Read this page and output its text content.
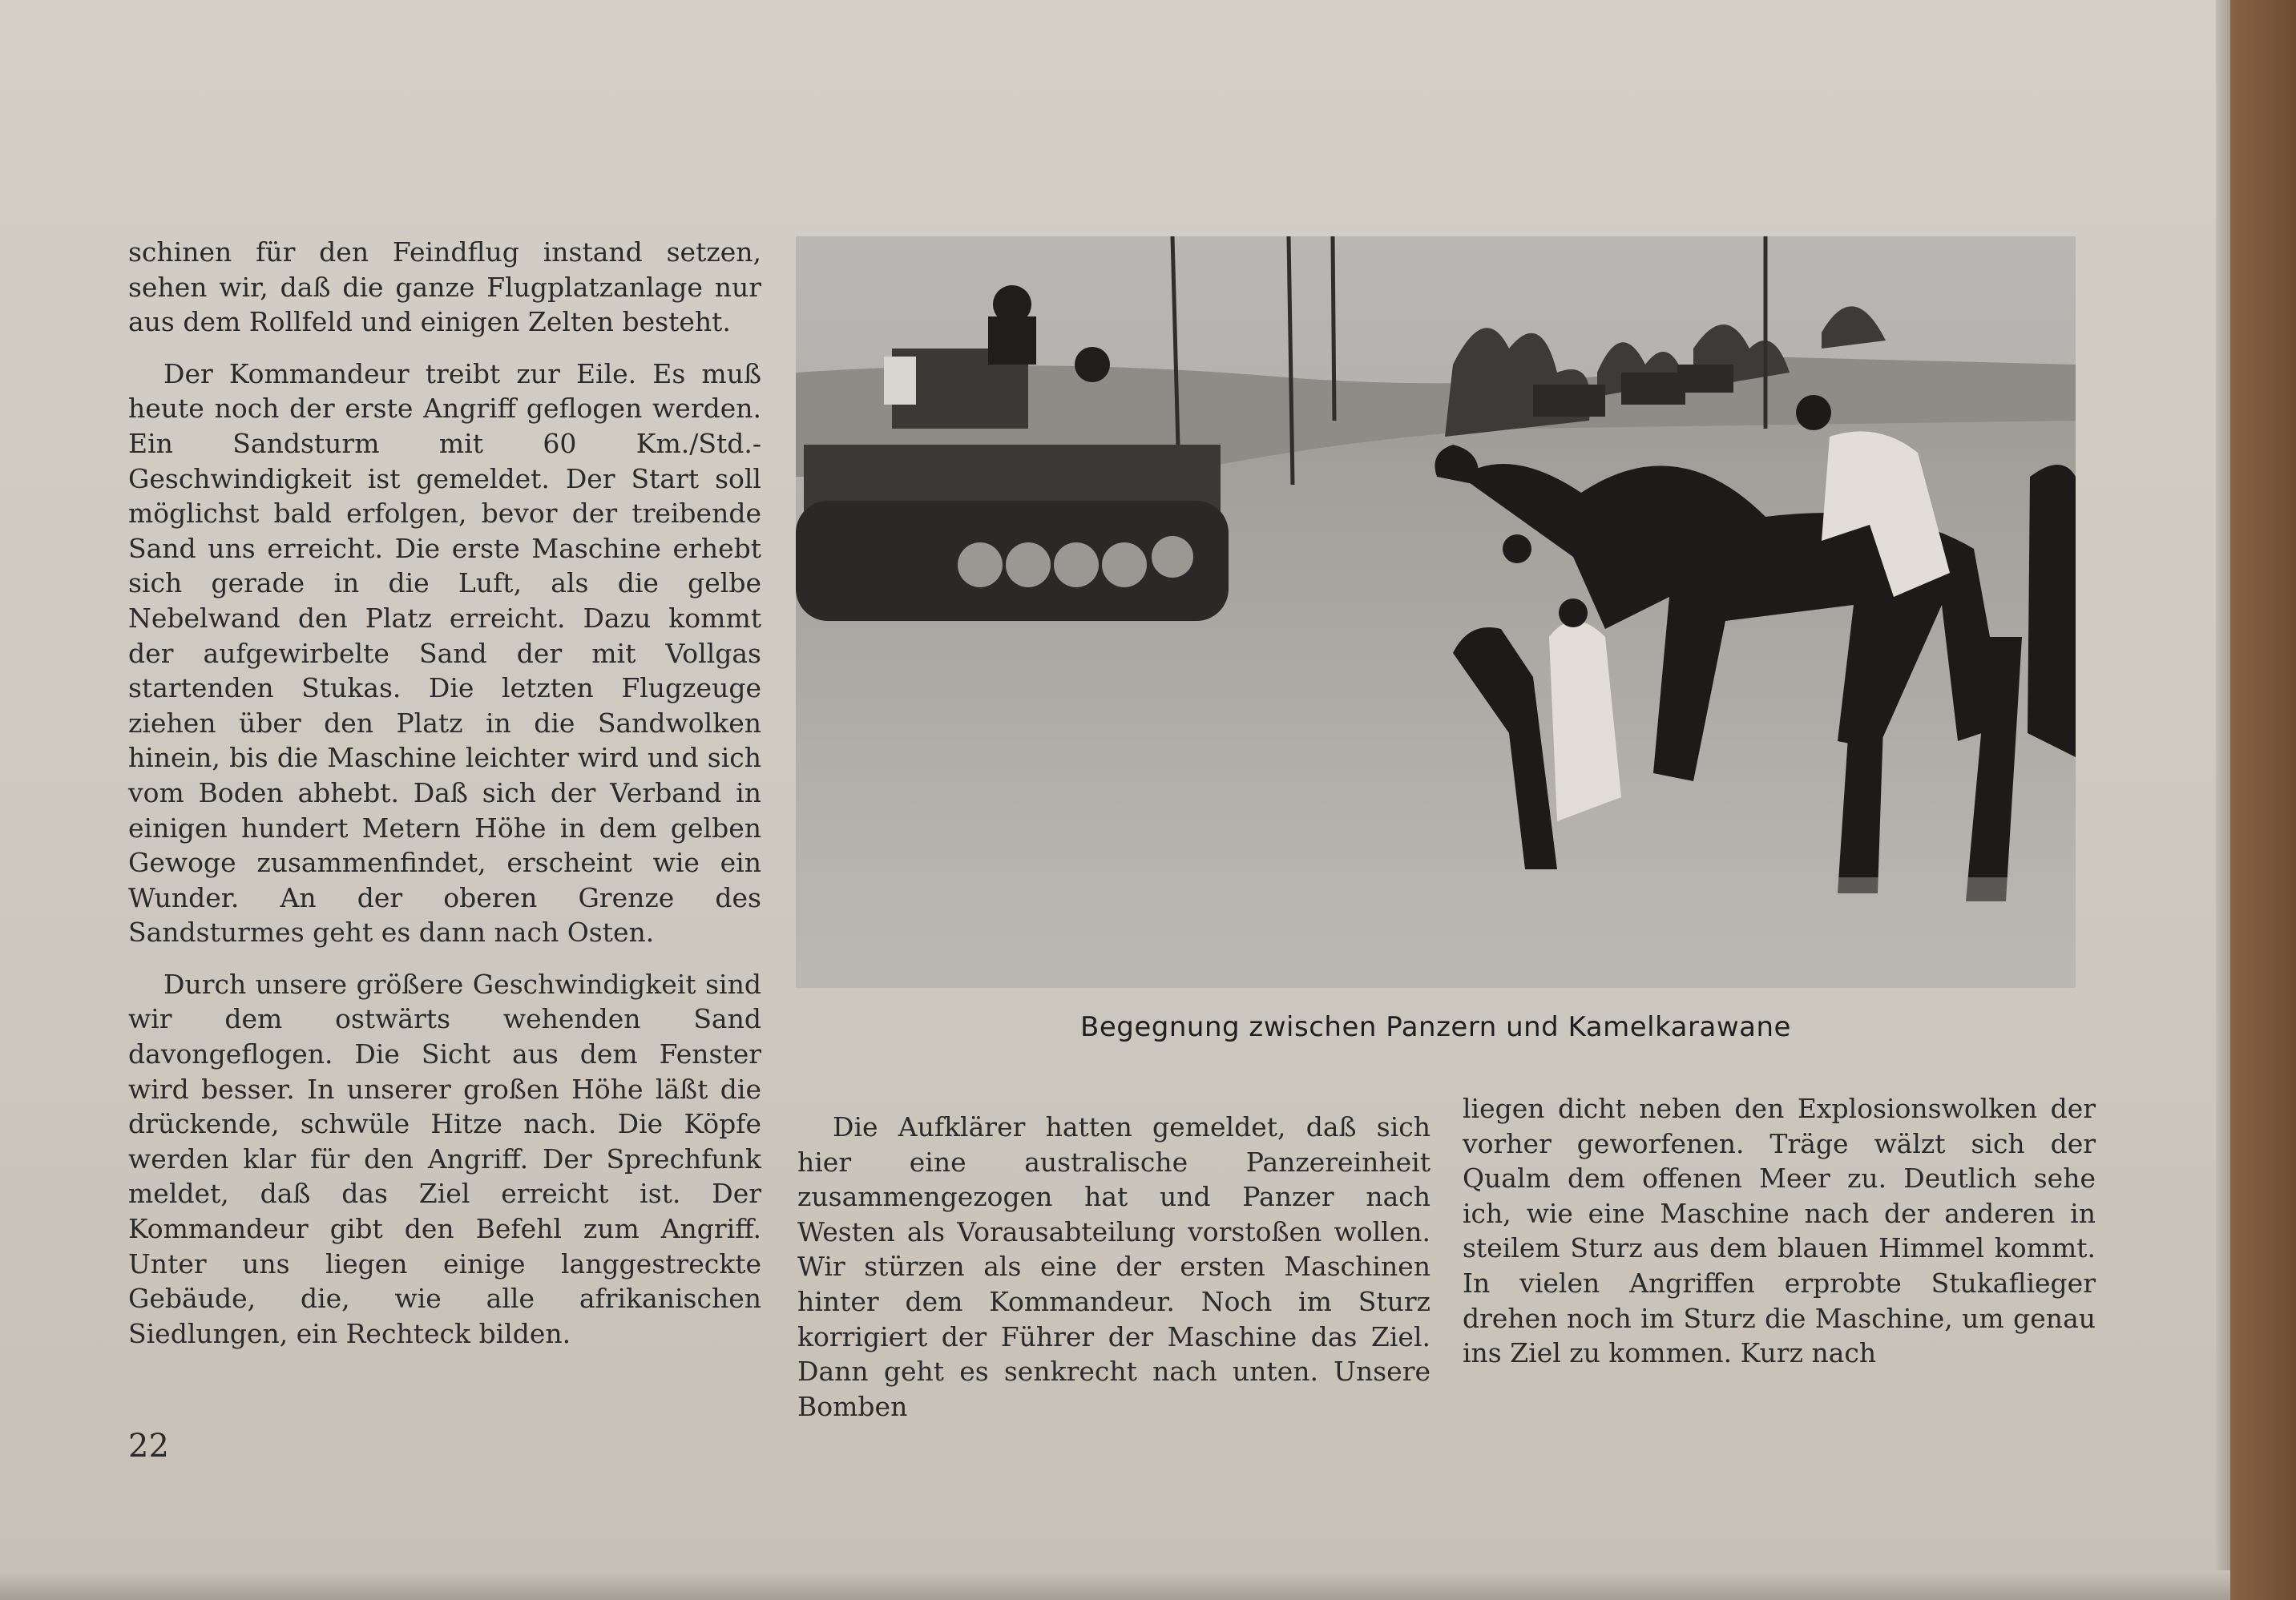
schinen für den Feindflug instand setzen, sehen wir, daß die ganze Flugplatzanlage nur aus dem Rollfeld und einigen Zelten besteht.

Der Kommandeur treibt zur Eile. Es muß heute noch der erste Angriff geflogen werden. Ein Sandsturm mit 60 Km./Std.-Geschwindigkeit ist gemeldet. Der Start soll möglichst bald erfolgen, bevor der treibende Sand uns erreicht. Die erste Maschine erhebt sich gerade in die Luft, als die gelbe Nebelwand den Platz erreicht. Dazu kommt der aufgewirbelte Sand der mit Vollgas startenden Stukas. Die letzten Flugzeuge ziehen über den Platz in die Sandwolken hinein, bis die Maschine leichter wird und sich vom Boden abhebt. Daß sich der Verband in einigen hundert Metern Höhe in dem gelben Gewoge zusammenfindet, erscheint wie ein Wunder. An der oberen Grenze des Sandsturmes geht es dann nach Osten.

Durch unsere größere Geschwindigkeit sind wir dem ostwärts wehenden Sand davongeflogen. Die Sicht aus dem Fenster wird besser. In unserer großen Höhe läßt die drückende, schwüle Hitze nach. Die Köpfe werden klar für den Angriff. Der Sprechfunk meldet, daß das Ziel erreicht ist. Der Kommandeur gibt den Befehl zum Angriff. Unter uns liegen einige langgestreckte Gebäude, die, wie alle afrikanischen Siedlungen, ein Rechteck bilden.

Begegnung zwischen Panzern und Kamelkarawane

Die Aufklärer hatten gemeldet, daß sich hier eine australische Panzereinheit zusammengezogen hat und Panzer nach Westen als Vorausabteilung vorstoßen wollen. Wir stürzen als eine der ersten Maschinen hinter dem Kommandeur. Noch im Sturz korrigiert der Führer der Maschine das Ziel. Dann geht es senkrecht nach unten. Unsere Bomben

liegen dicht neben den Explosionswolken der vorher geworfenen. Träge wälzt sich der Qualm dem offenen Meer zu. Deutlich sehe ich, wie eine Maschine nach der anderen in steilem Sturz aus dem blauen Himmel kommt. In vielen Angriffen erprobte Stukaflieger drehen noch im Sturz die Maschine, um genau ins Ziel zu kommen. Kurz nach

22
